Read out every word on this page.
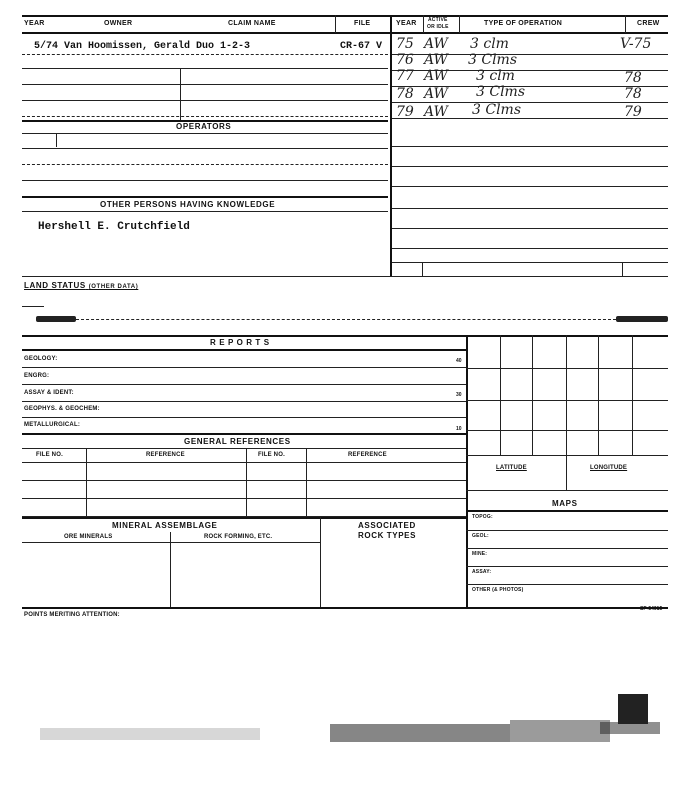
YEAR	OWNER	CLAIM NAME	FILE	YEAR ACTIVE
OR IDLE	TYPE OF OPERATION	CREW
5/74 Van Hoomissen, Gerald Duo 1-2-3	CR-67 V
OPERATORS
OTHER PERSONS HAVING KNOWLEDGE
Hershell E. Crutchfield
75 AW 3 clm	V-75
76 AW 3 Clms
77 AW 3 clm	78
78 AW 3 Clms	78
79 AW 3 Clms	79
LAND STATUS (OTHER DATA)
R E P O R T S
GEOLOGY:	40
ENGRG:
ASSAY & IDENT:	30
GEOPHYS. & GEOCHEM:
METALLURGICAL:
10
GENERAL REFERENCES
FILE NO.	REFERENCE	FILE NO.	REFERENCE
LATITUDE	LONGITUDE
MAPS
TOPOG:
GEOL:
MINE:
ASSAY:
OTHER (& PHOTOS)
MINERAL ASSEMBLAGE
ORE MINERALS	ROCK FORMING, ETC.
ASSOCIATED
ROCK TYPES
POINTS MERITING ATTENTION:
SP-54015
